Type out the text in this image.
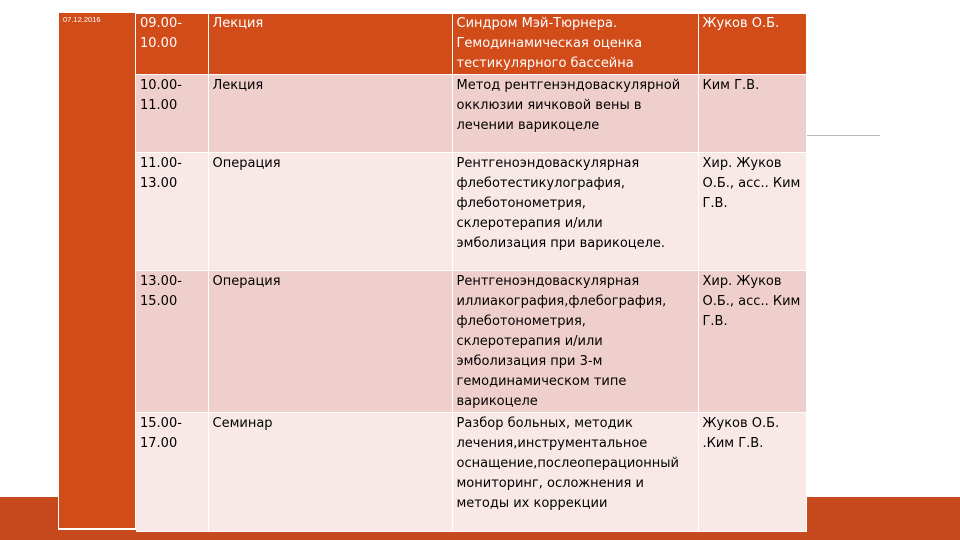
07.12.2016	09.00-
10.00	Лекция	Синдром Мэй-Тюрнера. Гемодинамическая оценка тестикулярного бассейна	Жуков О.Б.

10.00-
11.00	Лекция	Метод рентгенэндоваскулярной окклюзии яичковой вены в лечении варикоцеле	Ким Г.В.

11.00-
13.00	Операция	Рентгеноэндоваскулярная флеботестикулография, флеботонометрия, склеротерапия и/или эмболизация при варикоцеле.	Хир. Жуков О.Б., асс.. Ким Г.В.

13.00-
15.00	Операция	Рентгеноэндоваскулярная иллиакография,флебография, флеботонометрия, склеротерапия и/или эмболизация при 3-м гемодинамическом типе варикоцеле	Хир. Жуков О.Б., асс.. Ким Г.В.

15.00-
17.00	Семинар	Разбор больных, методик лечения,инструментальное оснащение,послеоперационный мониторинг, осложнения и методы их коррекции	Жуков О.Б. .Ким Г.В.
